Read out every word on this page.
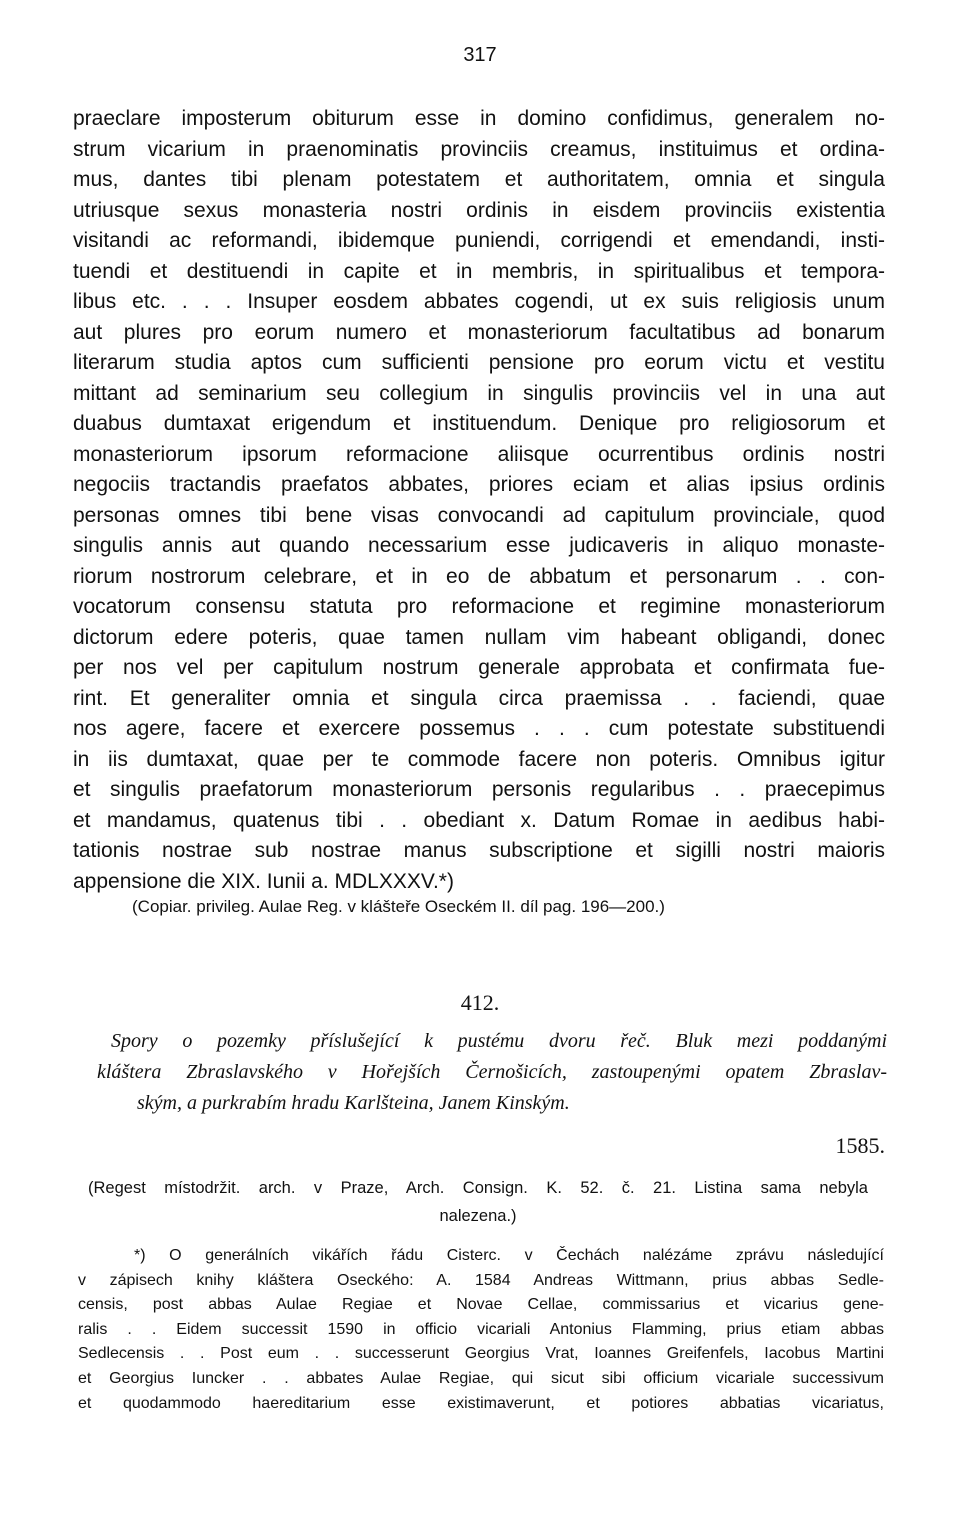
317
praeclare imposterum obiturum esse in domino confidimus, generalem no-
strum vicarium in praenominatis provinciis creamus, instituimus et ordina-
mus, dantes tibi plenam potestatem et authoritatem, omnia et singula
utriusque sexus monasteria nostri ordinis in eisdem provinciis existentia
visitandi ac reformandi, ibidemque puniendi, corrigendi et emendandi, insti-
tuendi et destituendi in capite et in membris, in spiritualibus et tempora-
libus etc. . . . Insuper eosdem abbates cogendi, ut ex suis religiosis unum
aut plures pro eorum numero et monasteriorum facultatibus ad bonarum
literarum studia aptos cum sufficienti pensione pro eorum victu et vestitu
mittant ad seminarium seu collegium in singulis provinciis vel in una aut
duabus dumtaxat erigendum et instituendum. Denique pro religiosorum et
monasteriorum ipsorum reformacione aliisque ocurrentibus ordinis nostri
negociis tractandis praefatos abbates, priores eciam et alias ipsius ordinis
personas omnes tibi bene visas convocandi ad capitulum provinciale, quod
singulis annis aut quando necessarium esse judicaveris in aliquo monaste-
riorum nostrorum celebrare, et in eo de abbatum et personarum . . con-
vocatorum consensu statuta pro reformacione et regimine monasteriorum
dictorum edere poteris, quae tamen nullam vim habeant obligandi, donec
per nos vel per capitulum nostrum generale approbata et confirmata fue-
rint. Et generaliter omnia et singula circa praemissa . . faciendi, quae
nos agere, facere et exercere possemus . . . cum potestate substituendi
in iis dumtaxat, quae per te commode facere non poteris. Omnibus igitur
et singulis praefatorum monasteriorum personis regularibus . . praecepimus
et mandamus, quatenus tibi . . obediant x. Datum Romae in aedibus habi-
tationis nostrae sub nostrae manus subscriptione et sigilli nostri maioris
appensione die XIX. Iunii a. MDLXXXV.*)
(Copiar. privileg. Aulae Reg. v klášteře Oseckém II. díl pag. 196—200.)
412.
Spory o pozemky příslušející k pustému dvoru řeč. Bluk mezi poddanými
kláštera Zbraslavského v Hořejších Černošicích, zastoupenými opatem Zbraslav-
ským, a purkrabím hradu Karlšteina, Janem Kinským.
1585.
(Regest místodržit. arch. v Praze, Arch. Consign. K. 52. č. 21. Listina sama nebyla
nalezena.)
*) O generálních vikářích řádu Cisterc. v Čechách nalézáme zprávu následující
v zápisech knihy kláštera Oseckého: A. 1584 Andreas Wittmann, prius abbas Sedle-
censis, post abbas Aulae Regiae et Novae Cellae, commissarius et vicarius gene-
ralis . . Eidem successit 1590 in officio vicariali Antonius Flamming, prius etiam abbas
Sedlecensis . . Post eum . . successerunt Georgius Vrat, Ioannes Greifenfels, Iacobus Martini
et Georgius Iuncker . . abbates Aulae Regiae, qui sicut sibi officium vicariale successivum
et quodammodo haereditarium esse existimaverunt, et potiores abbatias vicariatus,
